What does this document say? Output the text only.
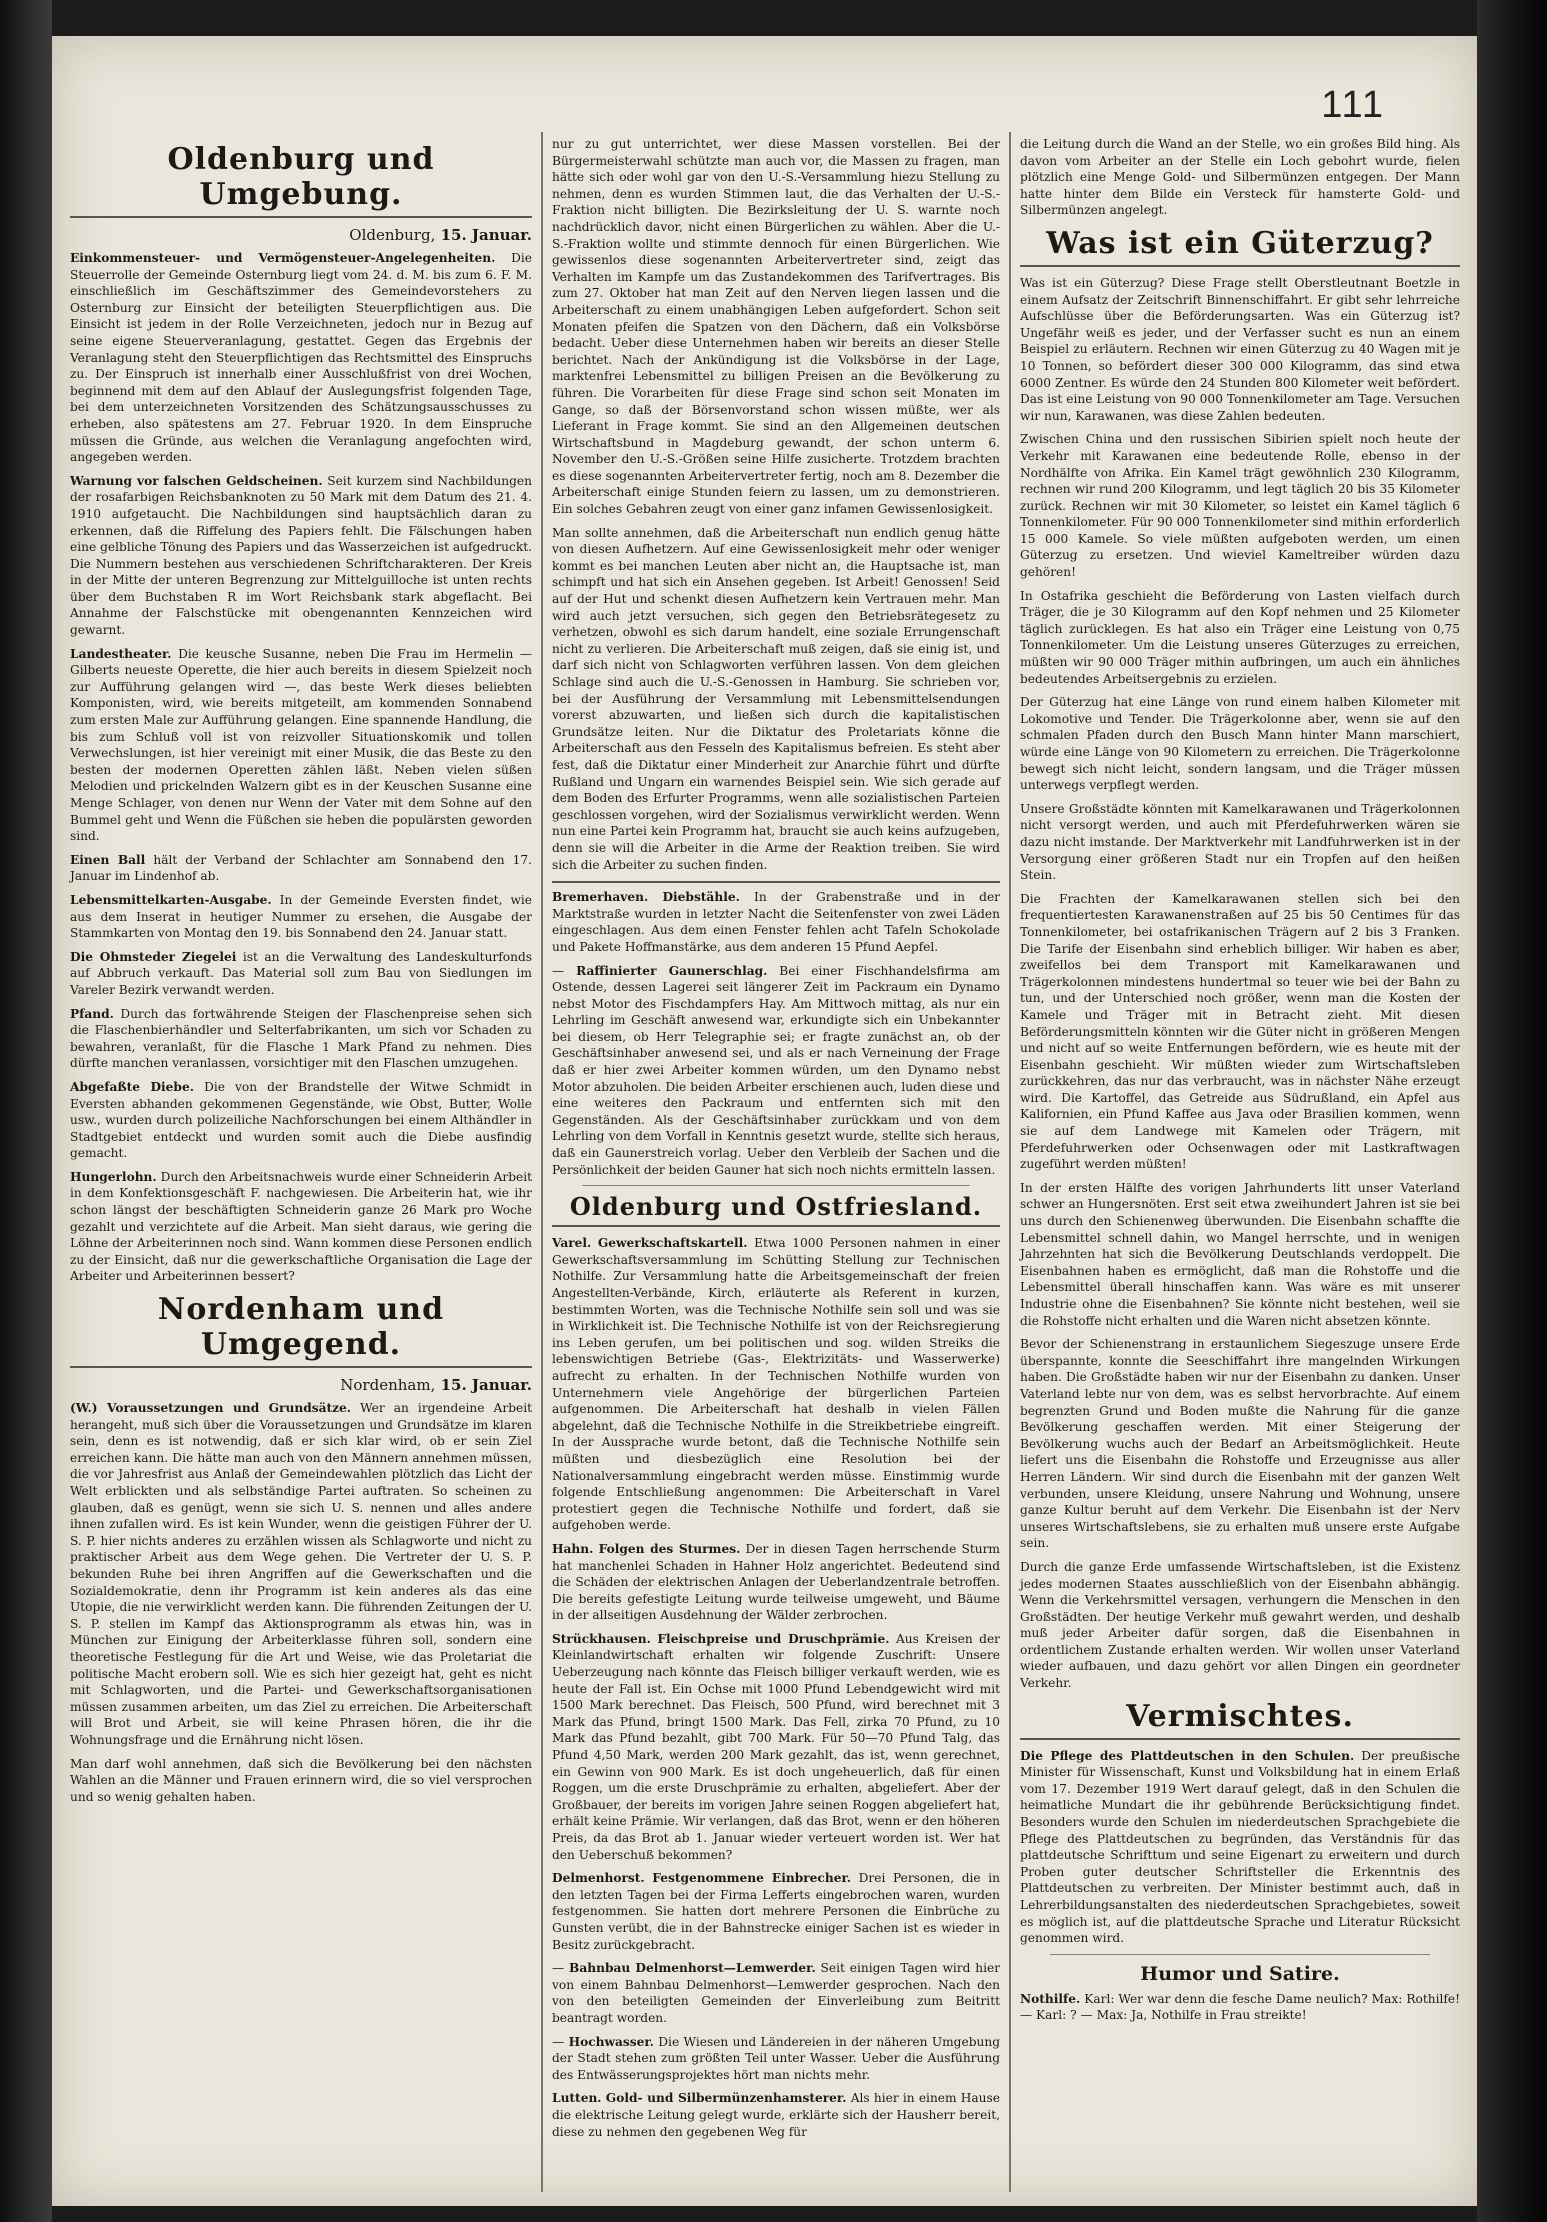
111
Oldenburg und Umgebung.
Oldenburg, 15. Januar.

Einkommensteuer- und Vermögensteuer-Angelegenheiten. Die Steuerrolle der Gemeinde Osternburg liegt vom 24. d. M. bis zum 6. F. M. einschließlich im Geschäftszimmer des Gemeindevorstehers zu Osternburg zur Einsicht der beteiligten Steuerpflichtigen aus. Die Einsicht ist jedem in der Rolle Verzeichneten, jedoch nur in Bezug auf seine eigene Steuerveranlagung, gestattet. Gegen das Ergebnis der Veranlagung steht den Steuerpflichtigen das Rechtsmittel des Einspruchs zu. Der Einspruch ist innerhalb einer Ausschlußfrist von drei Wochen, beginnend mit dem auf den Ablauf der Auslegungsfrist folgenden Tage, bei dem unterzeichneten Vorsitzenden des Schätzungsausschusses zu erheben, also spätestens am 27. Februar 1920. In dem Einspruche müssen die Gründe, aus welchen die Veranlagung angefochten wird, angegeben werden.

Warnung vor falschen Geldscheinen. Seit kurzem sind Nachbildungen der rosafarbigen Reichsbanknoten zu 50 Mark mit dem Datum des 21. 4. 1910 aufgetaucht. Die Nachbildungen sind hauptsächlich daran zu erkennen, daß die Riffelung des Papiers fehlt. Die Fälschungen haben eine gelbliche Tönung des Papiers und das Wasserzeichen ist aufgedruckt. Die Nummern bestehen aus verschiedenen Schriftcharakteren. Der Kreis in der Mitte der unteren Begrenzung zur Mittelguilloche ist unten rechts über dem Buchstaben R im Wort Reichsbank stark abgeflacht. Bei Annahme der Falschstücke mit obengenannten Kennzeichen wird gewarnt.

Landestheater. Die keusche Susanne, neben Die Frau im Hermelin — Gilberts neueste Operette, die hier auch bereits in diesem Spielzeit noch zur Aufführung gelangen wird —, das beste Werk dieses beliebten Komponisten, wird, wie bereits mitgeteilt, am kommenden Sonnabend zum ersten Male zur Aufführung gelangen. Eine spannende Handlung, die bis zum Schluß voll ist von reizvoller Situationskomik und tollen Verwechslungen, ist hier vereinigt mit einer Musik, die das Beste zu den besten der modernen Operetten zählen läßt. Neben vielen süßen Melodien und prickelnden Walzern gibt es in der Keuschen Susanne eine Menge Schlager, von denen nur Wenn der Vater mit dem Sohne auf den Bummel geht und Wenn die Füßchen sie heben die populärsten geworden sind.

Einen Ball hält der Verband der Schlachter am Sonnabend den 17. Januar im Lindenhof ab.

Lebensmittelkarten-Ausgabe. In der Gemeinde Eversten findet, wie aus dem Inserat in heutiger Nummer zu ersehen, die Ausgabe der Stammkarten von Montag den 19. bis Sonnabend den 24. Januar statt.

Die Ohmsteder Ziegelei ist an die Verwaltung des Landeskulturfonds auf Abbruch verkauft. Das Material soll zum Bau von Siedlungen im Vareler Bezirk verwandt werden.

Pfand. Durch das fortwährende Steigen der Flaschenpreise sehen sich die Flaschenbierhändler und Selterfabrikanten, um sich vor Schaden zu bewahren, veranlaßt, für die Flasche 1 Mark Pfand zu nehmen. Dies dürfte manchen veranlassen, vorsichtiger mit den Flaschen umzugehen.

Abgefaßte Diebe. Die von der Brandstelle der Witwe Schmidt in Eversten abhanden gekommenen Gegenstände, wie Obst, Butter, Wolle usw., wurden durch polizeiliche Nachforschungen bei einem Althändler in Stadtgebiet entdeckt und wurden somit auch die Diebe ausfindig gemacht.

Hungerlohn. Durch den Arbeitsnachweis wurde einer Schneiderin Arbeit in dem Konfektionsgeschäft F. nachgewiesen. Die Arbeiterin hat, wie ihr schon längst der beschäftigten Schneiderin ganze 26 Mark pro Woche gezahlt und verzichtete auf die Arbeit. Man sieht daraus, wie gering die Löhne der Arbeiterinnen noch sind. Wann kommen diese Personen endlich zu der Einsicht, daß nur die gewerkschaftliche Organisation die Lage der Arbeiter und Arbeiterinnen bessert?

Nordenham und Umgegend.
Nordenham, 15. Januar.

(W.) Voraussetzungen und Grundsätze. Wer an irgendeine Arbeit herangeht, muß sich über die Voraussetzungen und Grundsätze im klaren sein, denn es ist notwendig, daß er sich klar wird, ob er sein Ziel erreichen kann. Die hätte man auch von den Männern annehmen müssen, die vor Jahresfrist aus Anlaß der Gemeindewahlen plötzlich das Licht der Welt erblickten und als selbständige Partei auftraten. So scheinen zu glauben, daß es genügt, wenn sie sich U. S. nennen und alles andere ihnen zufallen wird. Es ist kein Wunder, wenn die geistigen Führer der U. S. P. hier nichts anderes zu erzählen wissen als Schlagworte und nicht zu praktischer Arbeit aus dem Wege gehen. Die Vertreter der U. S. P. bekunden Ruhe bei ihren Angriffen auf die Gewerkschaften und die Sozialdemokratie, denn ihr Programm ist kein anderes als das eine Utopie, die nie verwirklicht werden kann. Die führenden Zeitungen der U. S. P. stellen im Kampf das Aktionsprogramm als etwas hin, was in München zur Einigung der Arbeiterklasse führen soll, sondern eine theoretische Festlegung für die Art und Weise, wie das Proletariat die politische Macht erobern soll. Wie es sich hier gezeigt hat, geht es nicht mit Schlagworten, und die Partei- und Gewerkschaftsorganisationen müssen zusammen arbeiten, um das Ziel zu erreichen. Die Arbeiterschaft will Brot und Arbeit, sie will keine Phrasen hören, die ihr die Wohnungsfrage und die Ernährung nicht lösen.

Man darf wohl annehmen, daß sich die Bevölkerung bei den nächsten Wahlen an die Männer und Frauen erinnern wird, die so viel versprochen und so wenig gehalten haben.

nur zu gut unterrichtet, wer diese Massen vorstellen. Bei der Bürgermeisterwahl schützte man auch vor, die Massen zu fragen, man hätte sich oder wohl gar von den U.-S.-Versammlung hiezu Stellung zu nehmen, denn es wurden Stimmen laut, die das Verhalten der U.-S.-Fraktion nicht billigten. Die Bezirksleitung der U. S. warnte noch nachdrücklich davor, nicht einen Bürgerlichen zu wählen. Aber die U.-S.-Fraktion wollte und stimmte dennoch für einen Bürgerlichen. Wie gewissenlos diese sogenannten Arbeitervertreter sind, zeigt das Verhalten im Kampfe um das Zustandekommen des Tarifvertrages. Bis zum 27. Oktober hat man Zeit auf den Nerven liegen lassen und die Arbeiterschaft zu einem unabhängigen Leben aufgefordert. Schon seit Monaten pfeifen die Spatzen von den Dächern, daß ein Volksbörse bedacht. Ueber diese Unternehmen haben wir bereits an dieser Stelle berichtet. Nach der Ankündigung ist die Volksbörse in der Lage, marktenfrei Lebensmittel zu billigen Preisen an die Bevölkerung zu führen. Die Vorarbeiten für diese Frage sind schon seit Monaten im Gange, so daß der Börsenvorstand schon wissen müßte, wer als Lieferant in Frage kommt. Sie sind an den Allgemeinen deutschen Wirtschaftsbund in Magdeburg gewandt, der schon unterm 6. November den U.-S.-Größen seine Hilfe zusicherte. Trotzdem brachten es diese sogenannten Arbeitervertreter fertig, noch am 8. Dezember die Arbeiterschaft einige Stunden feiern zu lassen, um zu demonstrieren. Ein solches Gebahren zeugt von einer ganz infamen Gewissenlosigkeit.

Man sollte annehmen, daß die Arbeiterschaft nun endlich genug hätte von diesen Aufhetzern. Auf eine Gewissenlosigkeit mehr oder weniger kommt es bei manchen Leuten aber nicht an, die Hauptsache ist, man schimpft und hat sich ein Ansehen gegeben. Ist Arbeit! Genossen! Seid auf der Hut und schenkt diesen Aufhetzern kein Vertrauen mehr. Man wird auch jetzt versuchen, sich gegen den Betriebsrätegesetz zu verhetzen, obwohl es sich darum handelt, eine soziale Errungenschaft nicht zu verlieren. Die Arbeiterschaft muß zeigen, daß sie einig ist, und darf sich nicht von Schlagworten verführen lassen. Von dem gleichen Schlage sind auch die U.-S.-Genossen in Hamburg. Sie schrieben vor, bei der Ausführung der Versammlung mit Lebensmittelsendungen vorerst abzuwarten, und ließen sich durch die kapitalistischen Grundsätze leiten. Nur die Diktatur des Proletariats könne die Arbeiterschaft aus den Fesseln des Kapitalismus befreien. Es steht aber fest, daß die Diktatur einer Minderheit zur Anarchie führt und dürfte Rußland und Ungarn ein warnendes Beispiel sein. Wie sich gerade auf dem Boden des Erfurter Programms, wenn alle sozialistischen Parteien geschlossen vorgehen, wird der Sozialismus verwirklicht werden. Wenn nun eine Partei kein Programm hat, braucht sie auch keins aufzugeben, denn sie will die Arbeiter in die Arme der Reaktion treiben. Sie wird sich die Arbeiter zu suchen finden.

Bremerhaven. Diebstähle. In der Grabenstraße und in der Marktstraße wurden in letzter Nacht die Seitenfenster von zwei Läden eingeschlagen. Aus dem einen Fenster fehlen acht Tafeln Schokolade und Pakete Hoffmanstärke, aus dem anderen 15 Pfund Aepfel.

— Raffinierter Gaunerschlag. Bei einer Fischhandelsfirma am Ostende, dessen Lagerei seit längerer Zeit im Packraum ein Dynamo nebst Motor des Fischdampfers Hay. Am Mittwoch mittag, als nur ein Lehrling im Geschäft anwesend war, erkundigte sich ein Unbekannter bei diesem, ob Herr Telegraphie sei; er fragte zunächst an, ob der Geschäftsinhaber anwesend sei, und als er nach Verneinung der Frage daß er hier zwei Arbeiter kommen würden, um den Dynamo nebst Motor abzuholen. Die beiden Arbeiter erschienen auch, luden diese und eine weiteres den Packraum und entfernten sich mit den Gegenständen. Als der Geschäftsinhaber zurückkam und von dem Lehrling von dem Vorfall in Kenntnis gesetzt wurde, stellte sich heraus, daß ein Gaunerstreich vorlag. Ueber den Verbleib der Sachen und die Persönlichkeit der beiden Gauner hat sich noch nichts ermitteln lassen.

Oldenburg und Ostfriesland.

Varel. Gewerkschaftskartell. Etwa 1000 Personen nahmen in einer Gewerkschaftsversammlung im Schütting Stellung zur Technischen Nothilfe. Zur Versammlung hatte die Arbeitsgemeinschaft der freien Angestellten-Verbände, Kirch, erläuterte als Referent in kurzen, bestimmten Worten, was die Technische Nothilfe sein soll und was sie in Wirklichkeit ist. Die Technische Nothilfe ist von der Reichsregierung ins Leben gerufen, um bei politischen und sog. wilden Streiks die lebenswichtigen Betriebe (Gas-, Elektrizitäts- und Wasserwerke) aufrecht zu erhalten. In der Technischen Nothilfe wurden von Unternehmern viele Angehörige der bürgerlichen Parteien aufgenommen. Die Arbeiterschaft hat deshalb in vielen Fällen abgelehnt, daß die Technische Nothilfe in die Streikbetriebe eingreift. In der Aussprache wurde betont, daß die Technische Nothilfe sein müßten und diesbezüglich eine Resolution bei der Nationalversammlung eingebracht werden müsse. Einstimmig wurde folgende Entschließung angenommen: Die Arbeiterschaft in Varel protestiert gegen die Technische Nothilfe und fordert, daß sie aufgehoben werde.

Hahn. Folgen des Sturmes. Der in diesen Tagen herrschende Sturm hat manchenlei Schaden in Hahner Holz angerichtet. Bedeutend sind die Schäden der elektrischen Anlagen der Ueberlandzentrale betroffen. Die bereits gefestigte Leitung wurde teilweise umgeweht, und Bäume in der allseitigen Ausdehnung der Wälder zerbrochen.

Strückhausen. Fleischpreise und Druschprämie. Aus Kreisen der Kleinlandwirtschaft erhalten wir folgende Zuschrift: Unsere Ueberzeugung nach könnte das Fleisch billiger verkauft werden, wie es heute der Fall ist. Ein Ochse mit 1000 Pfund Lebendgewicht wird mit 1500 Mark berechnet. Das Fleisch, 500 Pfund, wird berechnet mit 3 Mark das Pfund, bringt 1500 Mark. Das Fell, zirka 70 Pfund, zu 10 Mark das Pfund bezahlt, gibt 700 Mark. Für 50—70 Pfund Talg, das Pfund 4,50 Mark, werden 200 Mark gezahlt, das ist, wenn gerechnet, ein Gewinn von 900 Mark. Es ist doch ungeheuerlich, daß für einen Roggen, um die erste Druschprämie zu erhalten, abgeliefert. Aber der Großbauer, der bereits im vorigen Jahre seinen Roggen abgeliefert hat, erhält keine Prämie. Wir verlangen, daß das Brot, wenn er den höheren Preis, da das Brot ab 1. Januar wieder verteuert worden ist. Wer hat den Ueberschuß bekommen?

Delmenhorst. Festgenommene Einbrecher. Drei Personen, die in den letzten Tagen bei der Firma Lefferts eingebrochen waren, wurden festgenommen. Sie hatten dort mehrere Personen die Einbrüche zu Gunsten verübt, die in der Bahnstrecke einiger Sachen ist es wieder in Besitz zurückgebracht.

— Bahnbau Delmenhorst—Lemwerder. Seit einigen Tagen wird hier von einem Bahnbau Delmenhorst—Lemwerder gesprochen. Nach den von den beteiligten Gemeinden der Einverleibung zum Beitritt beantragt worden.

— Hochwasser. Die Wiesen und Ländereien in der näheren Umgebung der Stadt stehen zum größten Teil unter Wasser. Ueber die Ausführung des Entwässerungsprojektes hört man nichts mehr.

Lutten. Gold- und Silbermünzenhamsterer. Als hier in einem Hause die elektrische Leitung gelegt wurde, erklärte sich der Hausherr bereit, diese zu nehmen den gegebenen Weg für

die Leitung durch die Wand an der Stelle, wo ein großes Bild hing. Als davon vom Arbeiter an der Stelle ein Loch gebohrt wurde, fielen plötzlich eine Menge Gold- und Silbermünzen entgegen. Der Mann hatte hinter dem Bilde ein Versteck für hamsterte Gold- und Silbermünzen angelegt.

Was ist ein Güterzug?

Was ist ein Güterzug? Diese Frage stellt Oberstleutnant Boetzle in einem Aufsatz der Zeitschrift Binnenschiffahrt. Er gibt sehr lehrreiche Aufschlüsse über die Beförderungsarten. Was ein Güterzug ist? Ungefähr weiß es jeder, und der Verfasser sucht es nun an einem Beispiel zu erläutern. Rechnen wir einen Güterzug zu 40 Wagen mit je 10 Tonnen, so befördert dieser 300 000 Kilogramm, das sind etwa 6000 Zentner. Es würde den 24 Stunden 800 Kilometer weit befördert. Das ist eine Leistung von 90 000 Tonnenkilometer am Tage. Versuchen wir nun, Karawanen, was diese Zahlen bedeuten.

Zwischen China und den russischen Sibirien spielt noch heute der Verkehr mit Karawanen eine bedeutende Rolle, ebenso in der Nordhälfte von Afrika. Ein Kamel trägt gewöhnlich 230 Kilogramm, rechnen wir rund 200 Kilogramm, und legt täglich 20 bis 35 Kilometer zurück. Rechnen wir mit 30 Kilometer, so leistet ein Kamel täglich 6 Tonnenkilometer. Für 90 000 Tonnenkilometer sind mithin erforderlich 15 000 Kamele. So viele müßten aufgeboten werden, um einen Güterzug zu ersetzen. Und wieviel Kameltreiber würden dazu gehören!

In Ostafrika geschieht die Beförderung von Lasten vielfach durch Träger, die je 30 Kilogramm auf den Kopf nehmen und 25 Kilometer täglich zurücklegen. Es hat also ein Träger eine Leistung von 0,75 Tonnenkilometer. Um die Leistung unseres Güterzuges zu erreichen, müßten wir 90 000 Träger mithin aufbringen, um auch ein ähnliches bedeutendes Arbeitsergebnis zu erzielen.

Der Güterzug hat eine Länge von rund einem halben Kilometer mit Lokomotive und Tender. Die Trägerkolonne aber, wenn sie auf den schmalen Pfaden durch den Busch Mann hinter Mann marschiert, würde eine Länge von 90 Kilometern zu erreichen. Die Trägerkolonne bewegt sich nicht leicht, sondern langsam, und die Träger müssen unterwegs verpflegt werden.

Unsere Großstädte könnten mit Kamelkarawanen und Trägerkolonnen nicht versorgt werden, und auch mit Pferdefuhrwerken wären sie dazu nicht imstande. Der Marktverkehr mit Landfuhrwerken ist in der Versorgung einer größeren Stadt nur ein Tropfen auf den heißen Stein.

Die Frachten der Kamelkarawanen stellen sich bei den frequentiertesten Karawanenstraßen auf 25 bis 50 Centimes für das Tonnenkilometer, bei ostafrikanischen Trägern auf 2 bis 3 Franken. Die Tarife der Eisenbahn sind erheblich billiger. Wir haben es aber, zweifellos bei dem Transport mit Kamelkarawanen und Trägerkolonnen mindestens hundertmal so teuer wie bei der Bahn zu tun, und der Unterschied noch größer, wenn man die Kosten der Kamele und Träger mit in Betracht zieht. Mit diesen Beförderungsmitteln könnten wir die Güter nicht in größeren Mengen und nicht auf so weite Entfernungen befördern, wie es heute mit der Eisenbahn geschieht. Wir müßten wieder zum Wirtschaftsleben zurückkehren, das nur das verbraucht, was in nächster Nähe erzeugt wird. Die Kartoffel, das Getreide aus Südrußland, ein Apfel aus Kalifornien, ein Pfund Kaffee aus Java oder Brasilien kommen, wenn sie auf dem Landwege mit Kamelen oder Trägern, mit Pferdefuhrwerken oder Ochsenwagen oder mit Lastkraftwagen zugeführt werden müßten!

In der ersten Hälfte des vorigen Jahrhunderts litt unser Vaterland schwer an Hungersnöten. Erst seit etwa zweihundert Jahren ist sie bei uns durch den Schienenweg überwunden. Die Eisenbahn schaffte die Lebensmittel schnell dahin, wo Mangel herrschte, und in wenigen Jahrzehnten hat sich die Bevölkerung Deutschlands verdoppelt. Die Eisenbahnen haben es ermöglicht, daß man die Rohstoffe und die Lebensmittel überall hinschaffen kann. Was wäre es mit unserer Industrie ohne die Eisenbahnen? Sie könnte nicht bestehen, weil sie die Rohstoffe nicht erhalten und die Waren nicht absetzen könnte.

Bevor der Schienenstrang in erstaunlichem Siegeszuge unsere Erde überspannte, konnte die Seeschiffahrt ihre mangelnden Wirkungen haben. Die Großstädte haben wir nur der Eisenbahn zu danken. Unser Vaterland lebte nur von dem, was es selbst hervorbrachte. Auf einem begrenzten Grund und Boden mußte die Nahrung für die ganze Bevölkerung geschaffen werden. Mit einer Steigerung der Bevölkerung wuchs auch der Bedarf an Arbeitsmöglichkeit. Heute liefert uns die Eisenbahn die Rohstoffe und Erzeugnisse aus aller Herren Ländern. Wir sind durch die Eisenbahn mit der ganzen Welt verbunden, unsere Kleidung, unsere Nahrung und Wohnung, unsere ganze Kultur beruht auf dem Verkehr. Die Eisenbahn ist der Nerv unseres Wirtschaftslebens, sie zu erhalten muß unsere erste Aufgabe sein.

Durch die ganze Erde umfassende Wirtschaftsleben, ist die Existenz jedes modernen Staates ausschließlich von der Eisenbahn abhängig. Wenn die Verkehrsmittel versagen, verhungern die Menschen in den Großstädten. Der heutige Verkehr muß gewahrt werden, und deshalb muß jeder Arbeiter dafür sorgen, daß die Eisenbahnen in ordentlichem Zustande erhalten werden. Wir wollen unser Vaterland wieder aufbauen, und dazu gehört vor allen Dingen ein geordneter Verkehr.

Vermischtes.

Die Pflege des Plattdeutschen in den Schulen. Der preußische Minister für Wissenschaft, Kunst und Volksbildung hat in einem Erlaß vom 17. Dezember 1919 Wert darauf gelegt, daß in den Schulen die heimatliche Mundart die ihr gebührende Berücksichtigung findet. Besonders wurde den Schulen im niederdeutschen Sprachgebiete die Pflege des Plattdeutschen zu begründen, das Verständnis für das plattdeutsche Schrifttum und seine Eigenart zu erweitern und durch Proben guter deutscher Schriftsteller die Erkenntnis des Plattdeutschen zu verbreiten. Der Minister bestimmt auch, daß in Lehrerbildungsanstalten des niederdeutschen Sprachgebietes, soweit es möglich ist, auf die plattdeutsche Sprache und Literatur Rücksicht genommen wird.

Humor und Satire.

Nothilfe. Karl: Wer war denn die fesche Dame neulich? Max: Rothilfe! — Karl: ? — Max: Ja, Nothilfe in Frau streikte!
